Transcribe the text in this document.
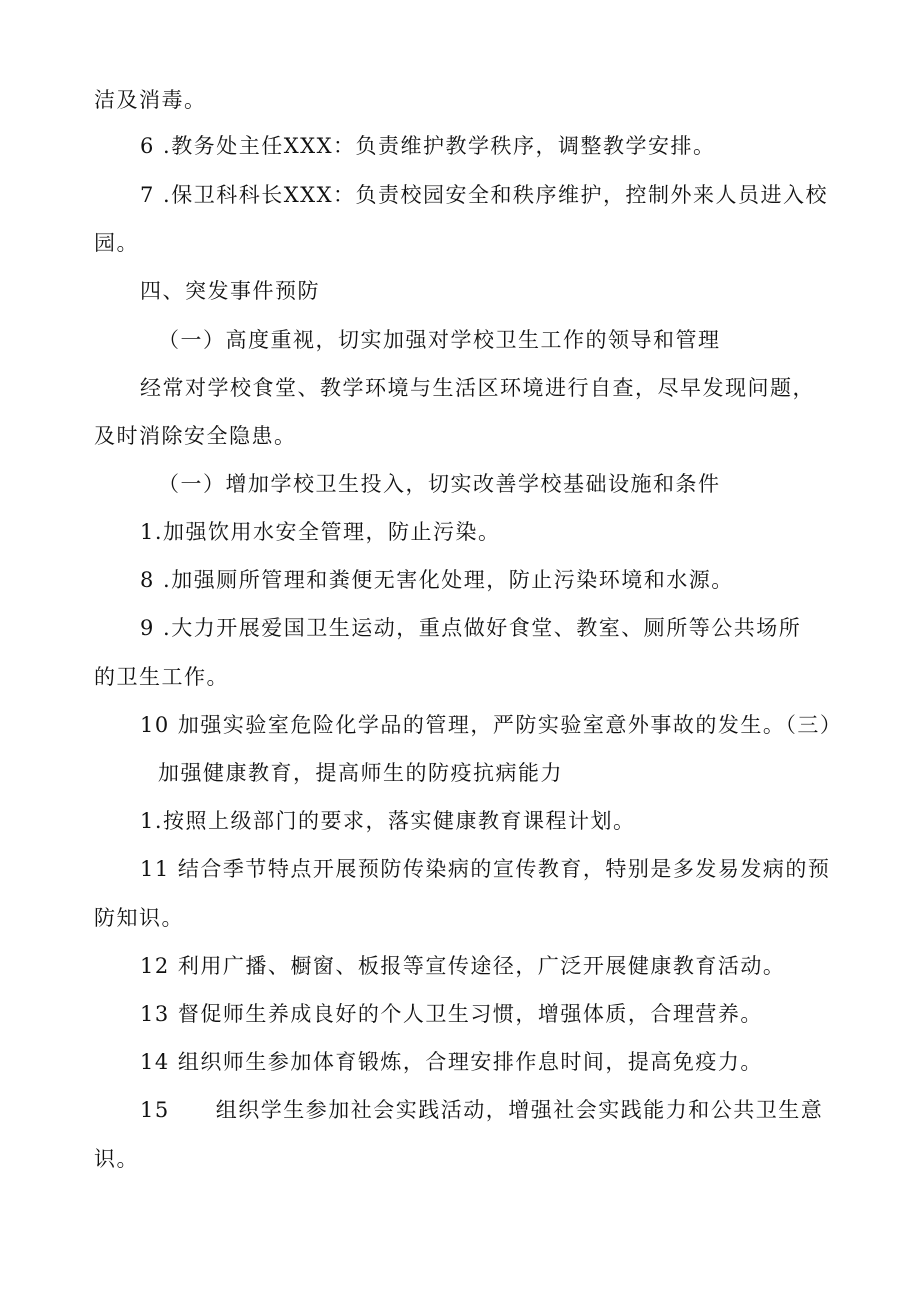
洁及消毒。
6 .教务处主任XXX：负责维护教学秩序，调整教学安排。
7 .保卫科科长XXX：负责校园安全和秩序维护，控制外来人员进入校
园。
四、突发事件预防
（一）高度重视，切实加强对学校卫生工作的领导和管理
经常对学校食堂、教学环境与生活区环境进行自查，尽早发现问题，
及时消除安全隐患。
（一）增加学校卫生投入，切实改善学校基础设施和条件
1.加强饮用水安全管理，防止污染。
8 .加强厕所管理和粪便无害化处理，防止污染环境和水源。
9 .大力开展爱国卫生运动，重点做好食堂、教室、厕所等公共场所
的卫生工作。
10 加强实验室危险化学品的管理，严防实验室意外事故的发生。（三）
加强健康教育，提高师生的防疫抗病能力
1.按照上级部门的要求，落实健康教育课程计划。
11 结合季节特点开展预防传染病的宣传教育，特别是多发易发病的预
防知识。
12 利用广播、橱窗、板报等宣传途径，广泛开展健康教育活动。
13 督促师生养成良好的个人卫生习惯，增强体质，合理营养。
14 组织师生参加体育锻炼，合理安排作息时间，提高免疫力。
15 组织学生参加社会实践活动，增强社会实践能力和公共卫生意
识。
